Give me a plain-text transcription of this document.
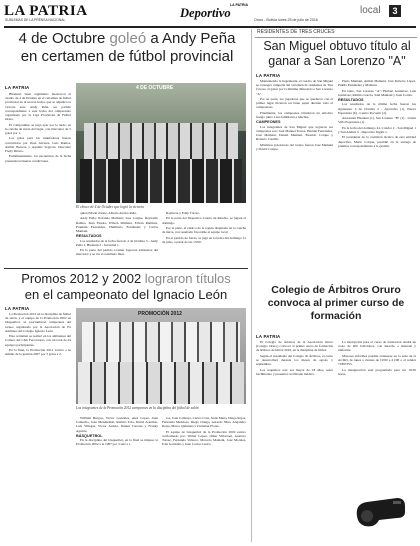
LA PATRIA
SUBLEMAS DE LA PRENSA NACIONAL
LA PATRIA
Deportivo	Oruro - Bolivia lunes 25 de julio de 2016
local	3
4 de Octubre goleó a Andy Peña
en certamen de fútbol provincial
LA PATRIA

Huanuni: buen argumento mostraron el cuadro de 4 de Octubre en el certamen de fútbol provincial de la tercera fecha, que se adjudicó la victoria ante Andy Peña, un partido correspondiente a esta fecha del campeonato organizado por la Liga Provincial de Fútbol Oruro.

El compromiso se jugó ayer por la tarde, en la cancha de tierra del lugar, con marcador de 5 goles por 1.

Los goles para los triunfadores fueron convertidos por Jhon Alvarez, Luis Ramos, Aníbal Barrera y Aquiles Segovia. Descontó Fredy Rivera.

Preliminarmente, los encuentros de la fecha presentaron buenas condiciones.

4 DE OCTUBRE
El elenco de 4 de Octubre que logró la victoria

quien Edwin Zarate, Alberto Avalos Ruiz.

Andy Peña: Rolando Mamani; Jose Colque, Reynaldo Ramos, Juan Fanola, Wilson Mamani, Edwin Ramirez, Franklin Fernández, Humberto Fernández y Carlos Mamani.

RESULTADOS

Los resultados de la fecha fueron: 4 de Octubre 5 - Andy Peña 1, Huanuni 2 - Juventud 1.

En la parte del partido Cramer lograron aduenarse del marcador y se vio el resultado final.

Rayberra y Eddy Tórrez.

En la parte del Deportivo Cuarto de Rancho, se jugará el domingo.

Por la parte, el clásico de la región disputado en la cancha de tierra, con resultado favorable al equipo local.

En el partido de fondo, se jugó en la fecha del domingo 31 de julio, a partir de las 15:00.

RESIDENTES DE TRES CRUCES
San Miguel obtuvo título al ganar a San Lorenzo "A"
LA PATRIA

Manteniendo la hegemonía, el cuadro de San Miguel se consagró campeón del certamen de residentes de Tres Cruces, al ganar por la mínima diferencia a San Lorenzo "A".

Por su parte, los jugadores que se quedaron con el primer lugar hicieron un buen papel durante todo el campeonato.

Finalmente, los campeones brindaron un emotivo festejo junto a sus familiares e hinchas.

CAMPEONES

Los integrantes de San Miguel que lograron ser campeones son: José Manuel Torrez, Hernán Fernández, José Mamani, Daniel Mamani, Eusebio Colque y Roberto Castillo.

Máximos goleadores del torneo fueron José Mamani y David Colque.

Paulo Mamani, Aníbal Mamani, José Roberto López, Pinilla Fernández y Mamani.

En tanto, San Lorenzo "A": Herbert Gutiérrez, Luis Gutiérrez, Ramiro García, Saúl Mamani y Juan Cortés.

RESULTADOS

Los resultados de la última fecha fueron los siguientes: 4 de Octubre 2 - Ayacucho (1), Nueva Esperanza (6) - Centro Porvenir (2).

Alexander Huanuni (1), San Lorenzo "B" (1) - Unión Villa Esperanza (1).

En la fecha del domingo 24, Cóndor 2 - San Miguel 1 y San Andrés 3 - Deportivo Inglés 1.

El presidente de la comisión técnica de esta entidad deportiva, Mario Colque, presidió en la entrega de premios correspondientes a la gestión.

Promos 2012 y 2002 lograron títulos
en el campeonato del Ignacio León
LA PATRIA

La Promoción 2012 en la disciplina de fútbol de salón, y el equipo de la Promoción 2002 en básquetbol, se proclamaron campeones del torneo organizado por la Asociación de Ex Alumnos del Colegio Ignacio León.

Este certamen se realizó en los ambientes del Coliseo del Club Ferroviario, con un total de 24 equipos participantes.

En la final, la Promoción 2012 venció a su similar de la gestión 2007 por 3 goles a 2.

PROMOCIÓN 2012
Los integrantes de la Promoción 2012 campeones en la disciplina del fútbol de salón

William Burgoa, Víctor Gonzales, Alex López, Juan Camacho, Jean Mendizábal, Ramiro Tola, David Aranibar, Luis Villegas, Víctor Arrieta, Daniel Cáceres y Franky Aguirre.

BÁSQUETBOL

En la disciplina del básquetbol, en la final se impuso la Promoción 2002 a la 1997 por 3 sets a 1.

ros, Joan Calizaya, Carlos Cruz, Jesús Mena, Diego Rojas, Fernando Mendoza, Diego Ortega, Gerardo Nina, Alejandro Rojas, Marco Quintana y Christian Flores.

El equipo de básquetbol de la Promoción 2002 estuvo conformado por: Walter López, Omar Villarroel, Gustavo Torrez, Fernando Velasco, Marcelo Mamani, José Morales, Iván Gonzáles y Juan Carlos Castro.

Colegio de Árbitros Oruro convoca al primer curso de formación
LA PATRIA

El Colegio de Árbitros de la Asociación Oruro (Colegio Oruro) convoca al primer curso de formación de árbitros de fútbol 2016, en la disciplina de fútbol.

Según el presidente del Colegio de Árbitros, el curso se desarrollará durante los meses de agosto y septiembre.

Los requisitos son: ser mayor de 18 años, tener bachillerato y presentar certificado médico.

La inscripción para el curso de formación tendrá un costo de 400 bolivianos, con derecho a material y uniforme.

Mayores informes pueden obtenerse en la sede de la ACDO, de lunes a viernes de 19:00 a 21:00 o al celular 71897355.

La inauguración está programada para las 19:30 horas.
